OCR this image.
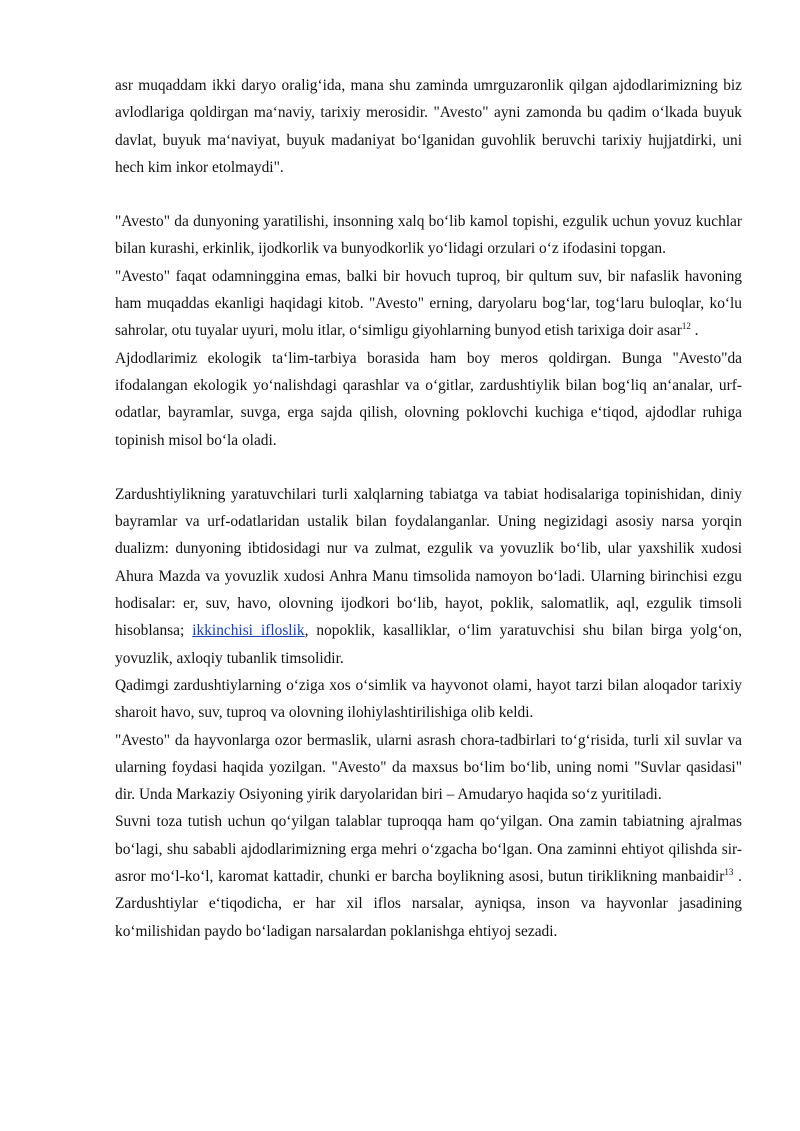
asr muqaddam ikki daryo oralig‘ida, mana shu zaminda umrguzaronlik qilgan ajdodlarimizning biz avlodlariga qoldirgan ma‘naviy, tarixiy merosidir. "Avesto" ayni zamonda bu qadim o‘lkada buyuk davlat, buyuk ma‘naviyat, buyuk madaniyat bo‘lganidan guvohlik beruvchi tarixiy hujjatdirki, uni hech kim inkor etolmaydi".

"Avesto" da dunyoning yaratilishi, insonning xalq bo‘lib kamol topishi, ezgulik uchun yovuz kuchlar bilan kurashi, erkinlik, ijodkorlik va bunyodkorlik yo‘lidagi orzulari o‘z ifodasini topgan.

"Avesto" faqat odamninggina emas, balki bir hovuch tuproq, bir qultum suv, bir nafaslik havoning ham muqaddas ekanligi haqidagi kitob. "Avesto" erning, daryolaru bog‘lar, tog‘laru buloqlar, ko‘lu sahrolar, otu tuyalar uyuri, molu itlar, o‘simligu giyohlarning bunyod etish tarixiga doir asar$^{12}$ .

Ajdodlarimiz ekologik ta‘lim-tarbiya borasida ham boy meros qoldirgan. Bunga "Avesto"da ifodalangan ekologik yo‘nalishdagi qarashlar va o‘gitlar, zardushtiylik bilan bog‘liq an‘analar, urf-odatlar, bayramlar, suvga, erga sajda qilish, olovning poklovchi kuchiga e‘tiqod, ajdodlar ruhiga topinish misol bo‘la oladi.

Zardushtiylikning yaratuvchilari turli xalqlarning tabiatga va tabiat hodisalariga topinishidan, diniy bayramlar va urf-odatlaridan ustalik bilan foydalanganlar. Uning negizidagi asosiy narsa yorqin dualizm: dunyoning ibtidosidagi nur va zulmat, ezgulik va yovuzlik bo‘lib, ular yaxshilik xudosi Ahura Mazda va yovuzlik xudosi Anhra Manu timsolida namoyon bo‘ladi. Ularning birinchisi ezgu hodisalar: er, suv, havo, olovning ijodkori bo‘lib, hayot, poklik, salomatlik, aql, ezgulik timsoli hisoblansa; ikkinchisi ifloslik, nopoklik, kasalliklar, o‘lim yaratuvchisi shu bilan birga yolg‘on, yovuzlik, axloqiy tubanlik timsolidir.

Qadimgi zardushtiylarning o‘ziga xos o‘simlik va hayvonot olami, hayot tarzi bilan aloqador tarixiy sharoit havo, suv, tuproq va olovning ilohiylashtirilishiga olib keldi.

"Avesto" da hayvonlarga ozor bermaslik, ularni asrash chora-tadbirlari to‘g‘risida, turli xil suvlar va ularning foydasi haqida yozilgan. "Avesto" da maxsus bo‘lim bo‘lib, uning nomi "Suvlar qasidasi" dir. Unda Markaziy Osiyoning yirik daryolaridan biri – Amudaryo haqida so‘z yuritiladi.

Suvni toza tutish uchun qo‘yilgan talablar tuproqqa ham qo‘yilgan. Ona zamin tabiatning ajralmas bo‘lagi, shu sababli ajdodlarimizning erga mehri o‘zgacha bo‘lgan. Ona zaminni ehtiyot qilishda sir-asror mo‘l-ko‘l, karomat kattadir, chunki er barcha boylikning asosi, butun tiriklikning manbaidir$^{13}$ . Zardushtiylar e‘tiqodicha, er har xil iflos narsalar, ayniqsa, inson va hayvonlar jasadining ko‘milishidan paydo bo‘ladigan narsalardan poklanishga ehtiyoj sezadi.
